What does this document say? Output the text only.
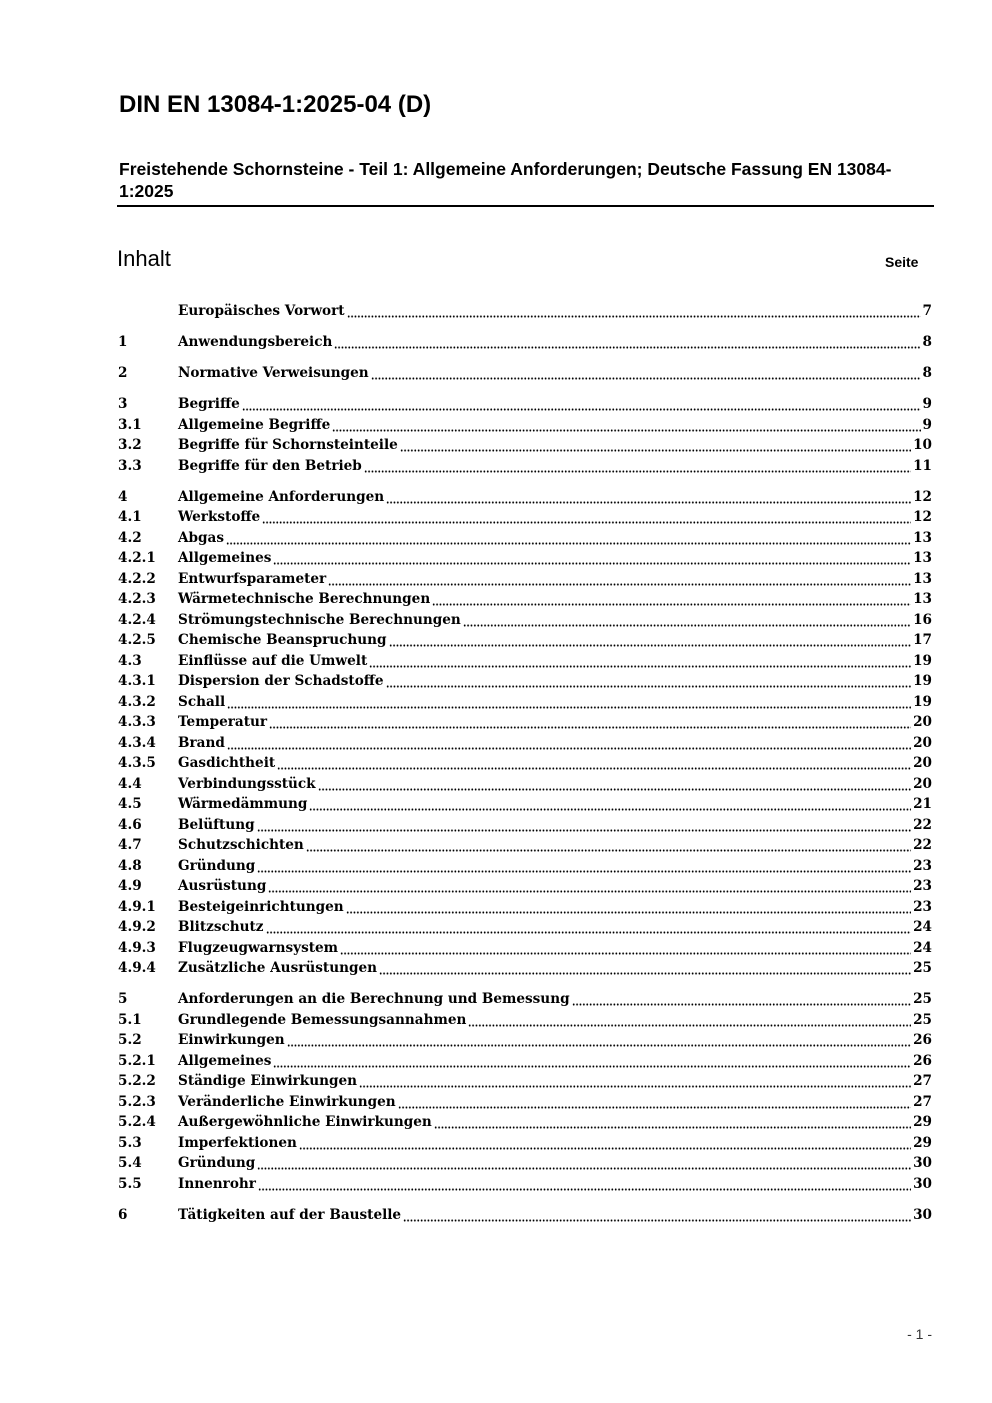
DIN EN 13084-1:2025-04 (D)

Freistehende Schornsteine - Teil 1: Allgemeine Anforderungen; Deutsche Fassung EN 13084-1:2025

Inhalt	Seite
Europäisches Vorwort	7
1	Anwendungsbereich	8
2	Normative Verweisungen	8
3	Begriffe	9
3.1	Allgemeine Begriffe	9
3.2	Begriffe für Schornsteinteile	10
3.3	Begriffe für den Betrieb	11
4	Allgemeine Anforderungen	12
4.1	Werkstoffe	12
4.2	Abgas	13
4.2.1	Allgemeines	13
4.2.2	Entwurfsparameter	13
4.2.3	Wärmetechnische Berechnungen	13
4.2.4	Strömungstechnische Berechnungen	16
4.2.5	Chemische Beanspruchung	17
4.3	Einflüsse auf die Umwelt	19
4.3.1	Dispersion der Schadstoffe	19
4.3.2	Schall	19
4.3.3	Temperatur	20
4.3.4	Brand	20
4.3.5	Gasdichtheit	20
4.4	Verbindungsstück	20
4.5	Wärmedämmung	21
4.6	Belüftung	22
4.7	Schutzschichten	22
4.8	Gründung	23
4.9	Ausrüstung	23
4.9.1	Besteigeinrichtungen	23
4.9.2	Blitzschutz	24
4.9.3	Flugzeugwarnsystem	24
4.9.4	Zusätzliche Ausrüstungen	25
5	Anforderungen an die Berechnung und Bemessung	25
5.1	Grundlegende Bemessungsannahmen	25
5.2	Einwirkungen	26
5.2.1	Allgemeines	26
5.2.2	Ständige Einwirkungen	27
5.2.3	Veränderliche Einwirkungen	27
5.2.4	Außergewöhnliche Einwirkungen	29
5.3	Imperfektionen	29
5.4	Gründung	30
5.5	Innenrohr	30
6	Tätigkeiten auf der Baustelle	30
- 1 -
